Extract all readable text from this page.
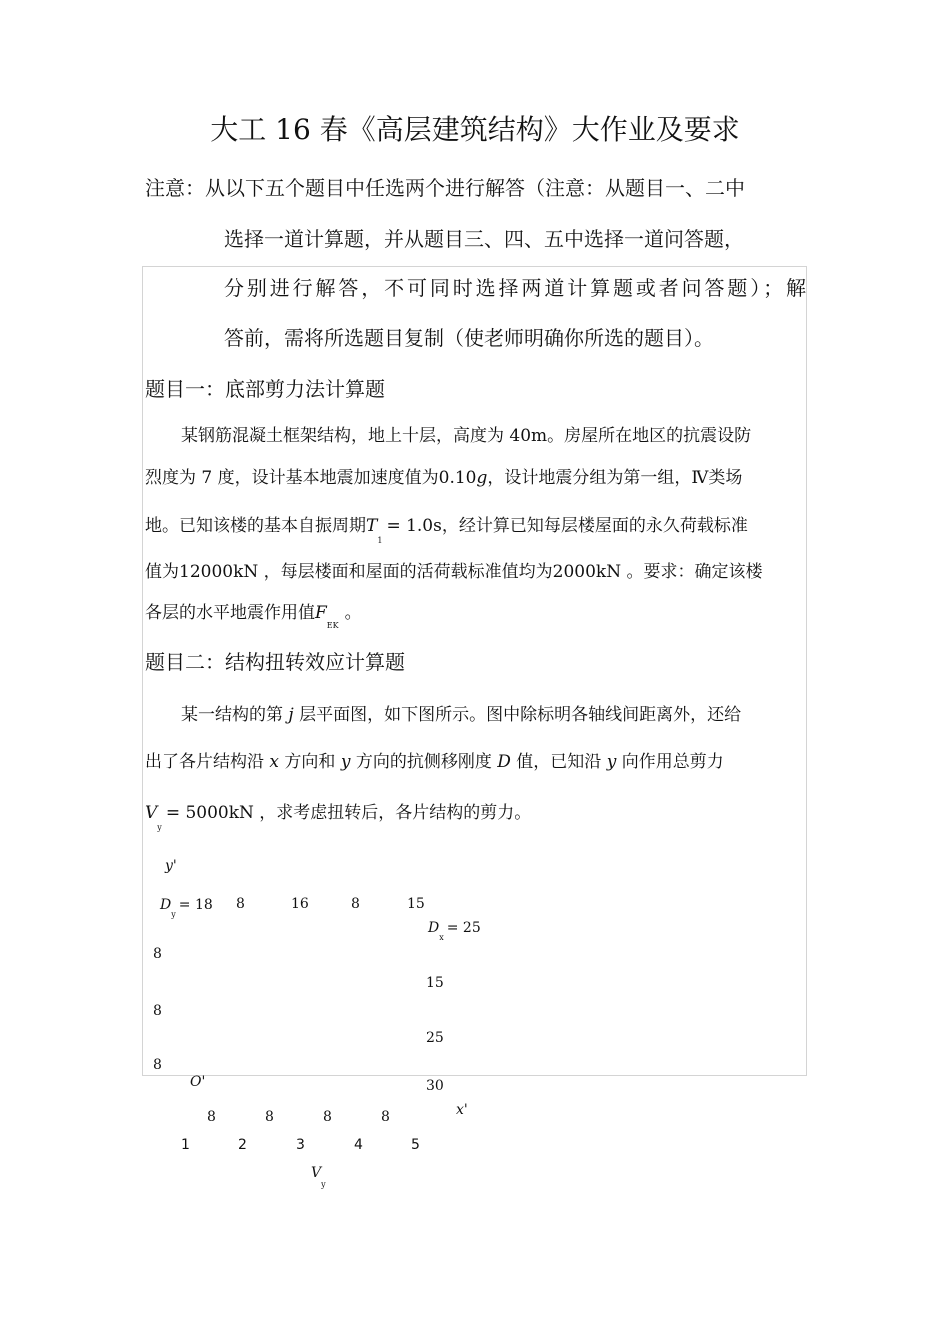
大工 16 春《高层建筑结构》大作业及要求
注意：从以下五个题目中任选两个进行解答（注意：从题目一、二中
选择一道计算题，并从题目三、四、五中选择一道问答题，
分别进行解答，不可同时选择两道计算题或者问答题）；解
答前，需将所选题目复制（使老师明确你所选的题目）。
题目一：底部剪力法计算题
某钢筋混凝土框架结构，地上十层，高度为 40m。房屋所在地区的抗震设防
烈度为 7 度，设计基本地震加速度值为0.10g，设计地震分组为第一组，Ⅳ类场
地。已知该楼的基本自振周期$T_1= 1.0s$，经计算已知每层楼屋面的永久荷载标准
值为12000kN ，每层楼面和屋面的活荷载标准值均为2000kN 。要求：确定该楼
各层的水平地震作用值$F_{EK}$。
题目二：结构扭转效应计算题
某一结构的第 j 层平面图，如下图所示。图中除标明各轴线间距离外，还给
出了各片结构沿 x 方向和 y 方向的抗侧移刚度 D 值，已知沿 y 向作用总剪力
$V_y= 5000kN$ ，求考虑扭转后，各片结构的剪力。
y'
$D_y= 18$ 8	16	8	15
$D_x= 25$
15
25
30
8
8
8
O'
8	8	8	8	x'
1	2	3	4	5
$V_y$
